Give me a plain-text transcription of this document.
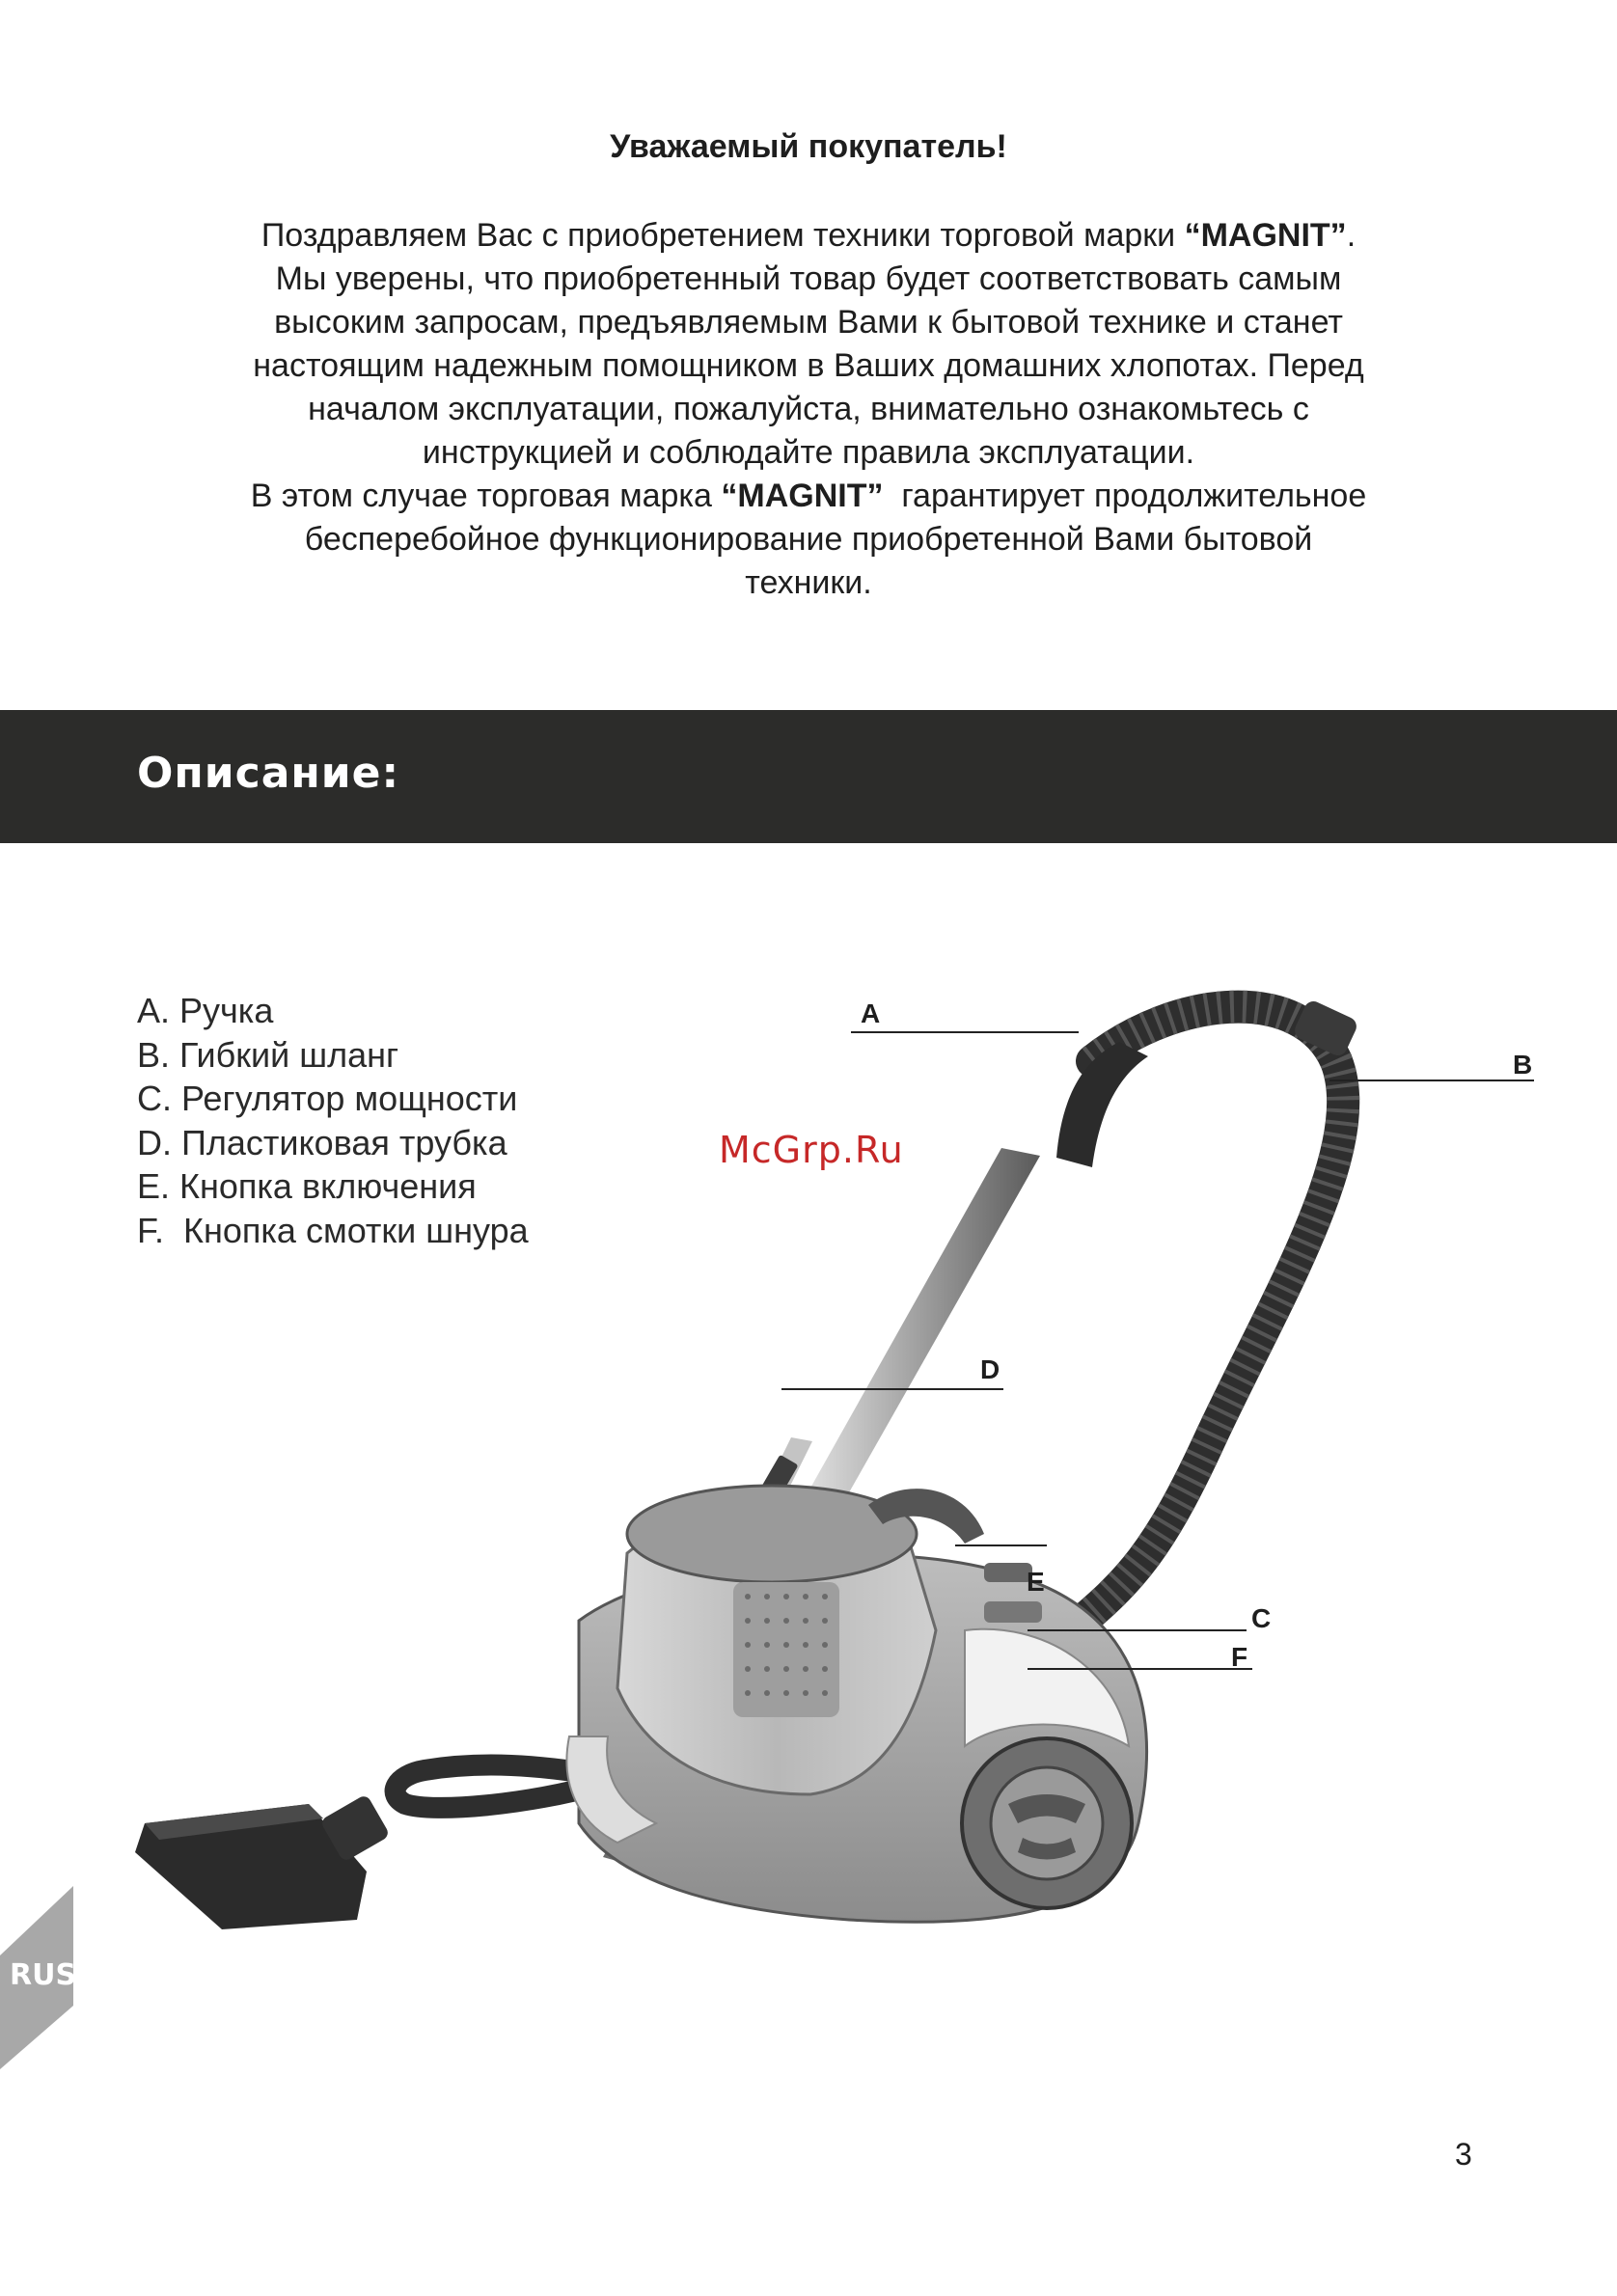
Уважаемый покупатель!

Поздравляем Вас с приобретением техники торговой марки “MAGNIT”.

Мы уверены, что приобретенный товар будет соответствовать самым

высоким запросам, предъявляемым Вами к бытовой технике и станет

настоящим надежным помощником в Ваших домашних хлопотах. Перед

началом эксплуатации, пожалуйста, внимательно ознакомьтесь с

инструкцией и соблюдайте правила эксплуатации.

В этом случае торговая марка “MAGNIT”  гарантирует продолжительное

бесперебойное функционирование приобретенной Вами бытовой

техники.

Описание:
A. Ручка
B. Гибкий шланг
C. Регулятор мощности
D. Пластиковая трубка
E. Кнопка включения
F.  Кнопка смотки шнура
A
B
D
E
C
F
McGrp.Ru
RUS
3
